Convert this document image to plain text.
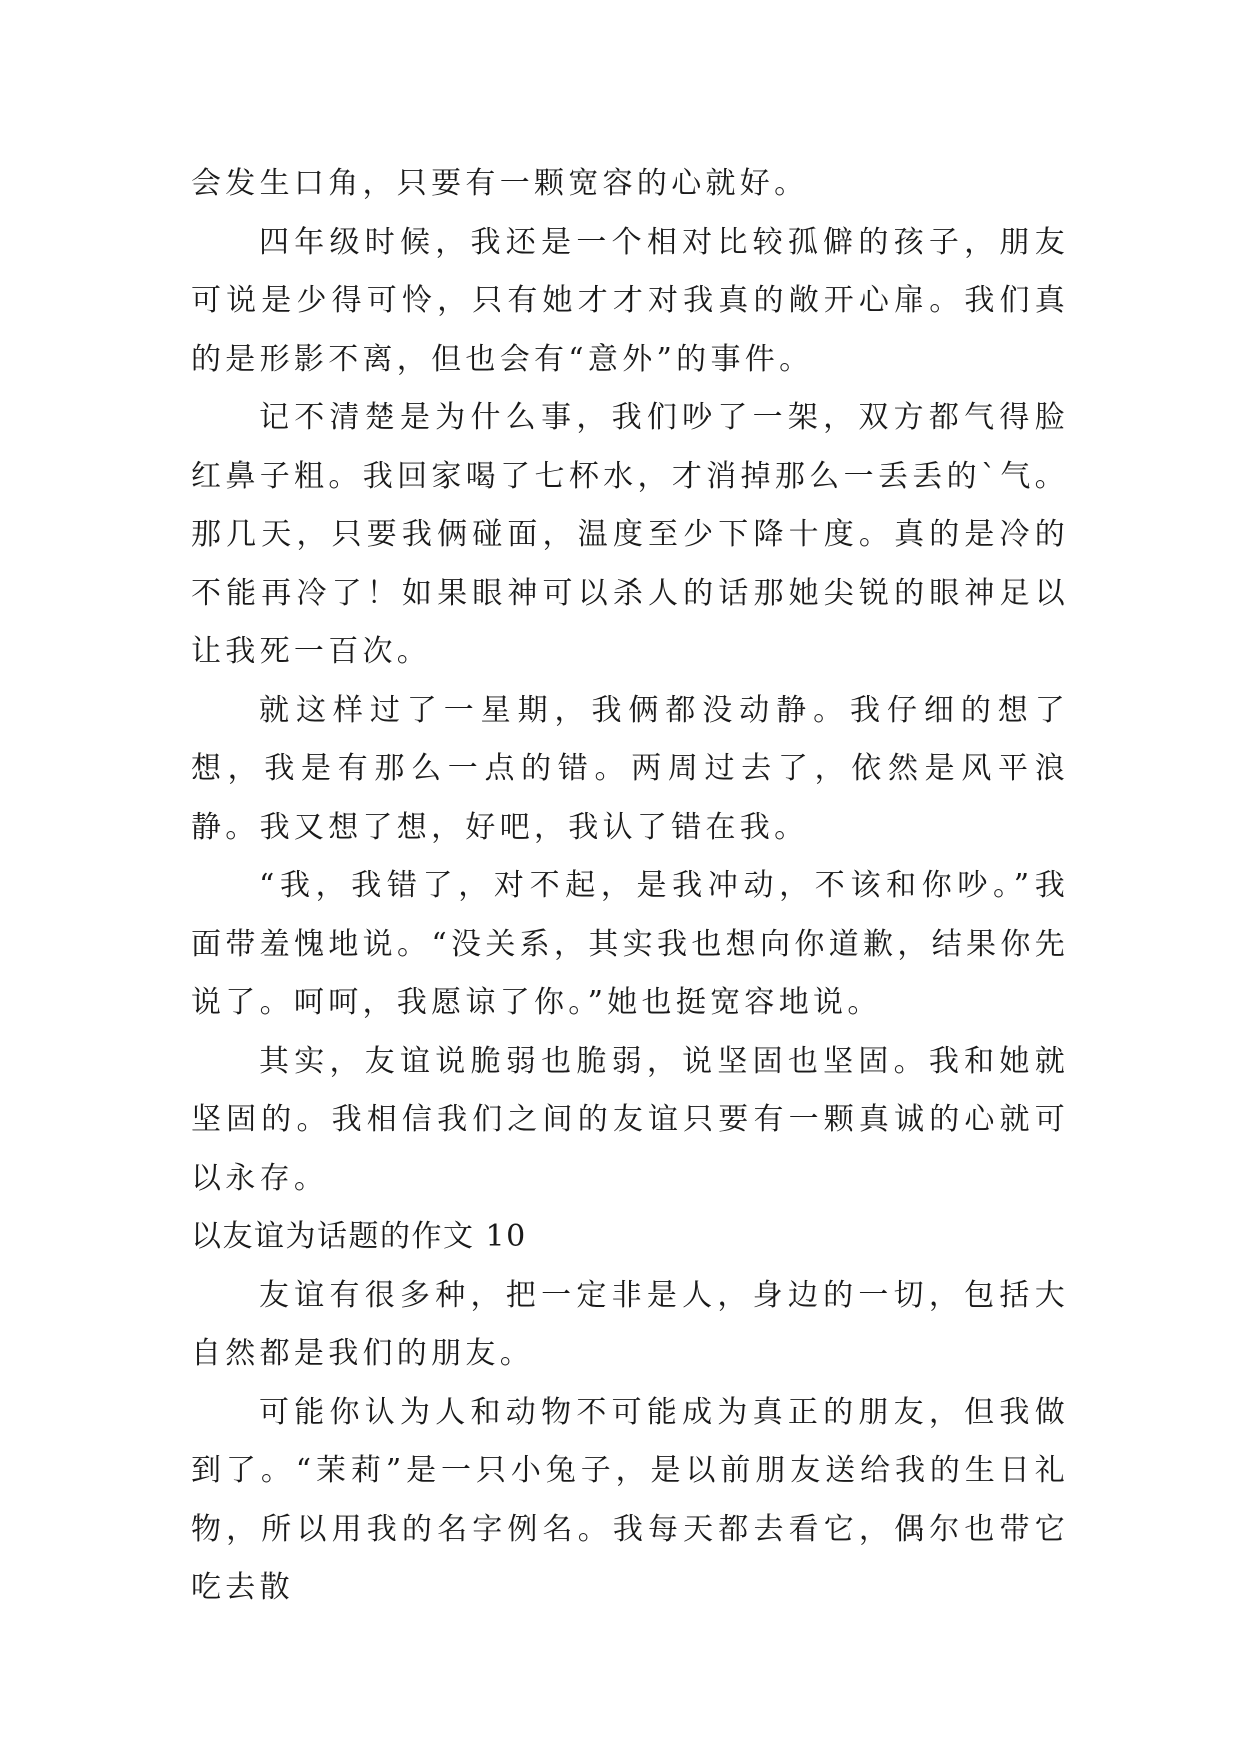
会发生口角，只要有一颗宽容的心就好。

四年级时候，我还是一个相对比较孤僻的孩子，朋友可说是少得可怜，只有她才才对我真的敞开心扉。我们真的是形影不离，但也会有“意外”的事件。

记不清楚是为什么事，我们吵了一架，双方都气得脸红鼻子粗。我回家喝了七杯水，才消掉那么一丢丢的`气。那几天，只要我俩碰面，温度至少下降十度。真的是冷的不能再冷了！如果眼神可以杀人的话那她尖锐的眼神足以让我死一百次。

就这样过了一星期，我俩都没动静。我仔细的想了想，我是有那么一点的错。两周过去了，依然是风平浪静。我又想了想，好吧，我认了错在我。

“我，我错了，对不起，是我冲动，不该和你吵。”我面带羞愧地说。“没关系，其实我也想向你道歉，结果你先说了。呵呵，我愿谅了你。”她也挺宽容地说。

其实，友谊说脆弱也脆弱，说坚固也坚固。我和她就坚固的。我相信我们之间的友谊只要有一颗真诚的心就可以永存。

以友谊为话题的作文 10

友谊有很多种，把一定非是人，身边的一切，包括大自然都是我们的朋友。

可能你认为人和动物不可能成为真正的朋友，但我做到了。“茉莉”是一只小兔子，是以前朋友送给我的生日礼物，所以用我的名字例名。我每天都去看它，偶尔也带它吃去散
